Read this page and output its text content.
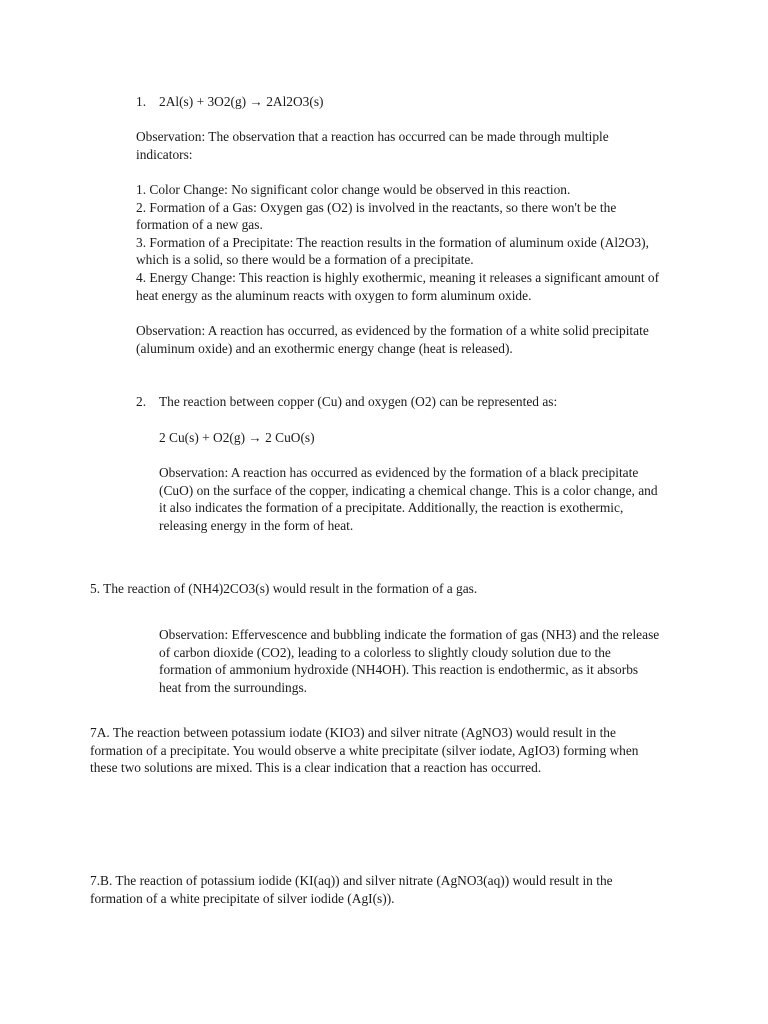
1. 2Al(s) + 3O2(g) → 2Al2O3(s)
Observation: The observation that a reaction has occurred can be made through multiple
indicators:
1. Color Change: No significant color change would be observed in this reaction.
2. Formation of a Gas: Oxygen gas (O2) is involved in the reactants, so there won't be the
formation of a new gas.
3. Formation of a Precipitate: The reaction results in the formation of aluminum oxide (Al2O3),
which is a solid, so there would be a formation of a precipitate.
4. Energy Change: This reaction is highly exothermic, meaning it releases a significant amount of
heat energy as the aluminum reacts with oxygen to form aluminum oxide.
Observation: A reaction has occurred, as evidenced by the formation of a white solid precipitate
(aluminum oxide) and an exothermic energy change (heat is released).
2. The reaction between copper (Cu) and oxygen (O2) can be represented as:
2 Cu(s) + O2(g) → 2 CuO(s)
Observation: A reaction has occurred as evidenced by the formation of a black precipitate
(CuO) on the surface of the copper, indicating a chemical change. This is a color change, and
it also indicates the formation of a precipitate. Additionally, the reaction is exothermic,
releasing energy in the form of heat.
5. The reaction of (NH4)2CO3(s) would result in the formation of a gas.
Observation: Effervescence and bubbling indicate the formation of gas (NH3) and the release
of carbon dioxide (CO2), leading to a colorless to slightly cloudy solution due to the
formation of ammonium hydroxide (NH4OH). This reaction is endothermic, as it absorbs
heat from the surroundings.
7A. The reaction between potassium iodate (KIO3) and silver nitrate (AgNO3) would result in the
formation of a precipitate. You would observe a white precipitate (silver iodate, AgIO3) forming when
these two solutions are mixed. This is a clear indication that a reaction has occurred.
7.B. The reaction of potassium iodide (KI(aq)) and silver nitrate (AgNO3(aq)) would result in the
formation of a white precipitate of silver iodide (AgI(s)).
